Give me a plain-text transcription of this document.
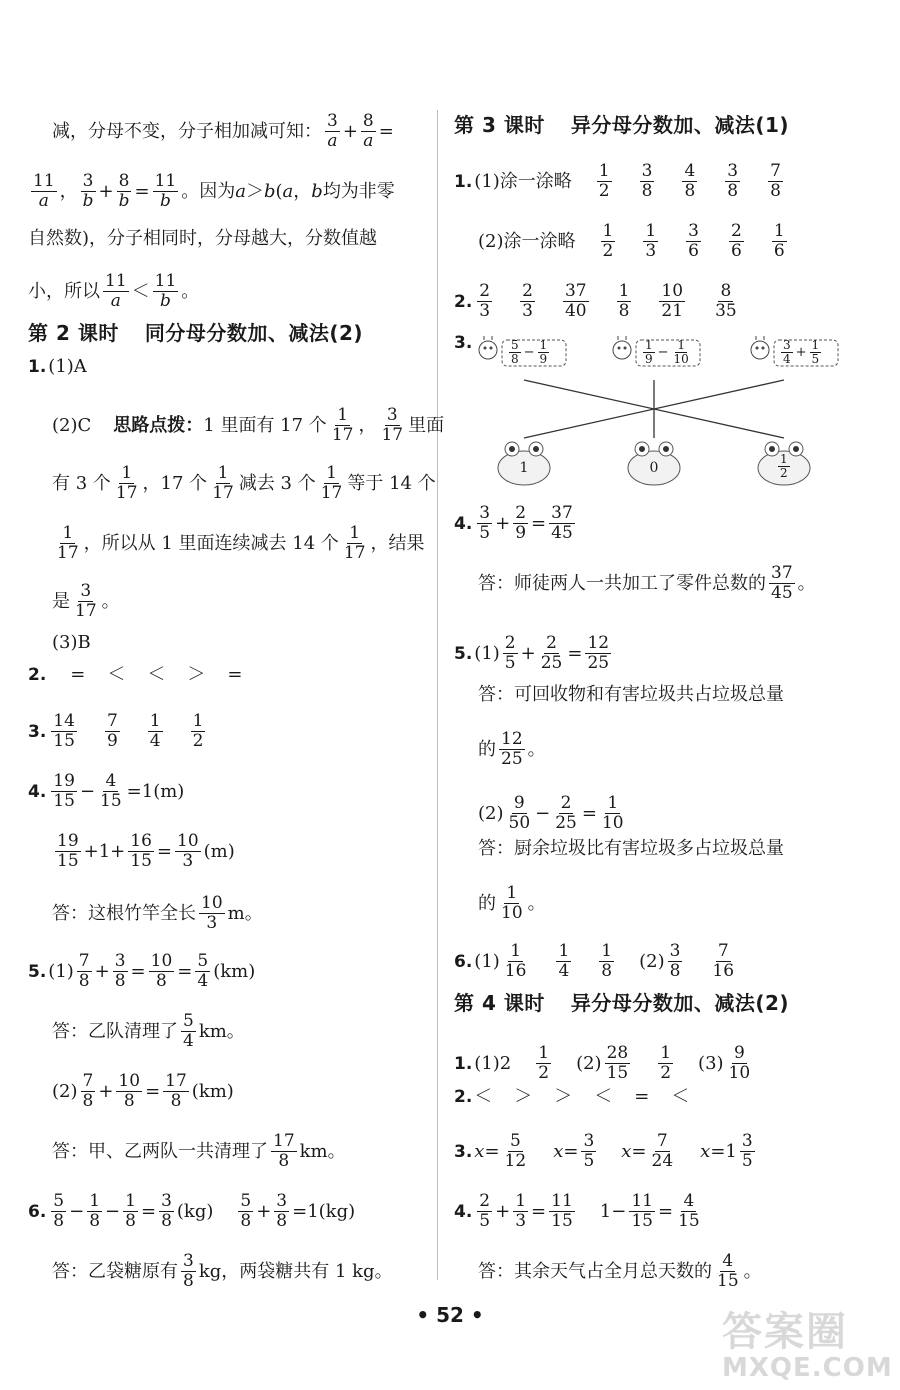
减，分母不变，分子相加减可知： $\frac{3}{a} + \frac{8}{a}$ =
$\frac{11}{a}$ ， $\frac{3}{b} + \frac{8}{b} = \frac{11}{b}$ 。因为 a ＞ b ( a ， b 均为非零
自然数)，分子相同时，分母越大，分数值越
小，所以 $\frac{11}{a} < \frac{11}{b}$ 。
第 2 课时 同分母分数加、减法(2)
1. (1)A
(2)C 思路点拨： 1 里面有 17 个 $\frac{1}{17}$ ， $\frac{3}{17}$ 里面
有 3 个 $\frac{1}{17}$ ，17 个 $\frac{1}{17}$ 减去 3 个 $\frac{1}{17}$ 等于 14 个
$\frac{1}{17}$ ，所以从 1 里面连续减去 14 个 $\frac{1}{17}$ ，结果
是 $\frac{3}{17}$ 。
(3)B
2. = ＜ ＜ ＞ =
3. $\frac{14}{15} \frac{7}{9} \frac{1}{4} \frac{1}{2}$
4. $\frac{19}{15} - \frac{4}{15} =1(m)$
$\frac{19}{15} +1+ \frac{16}{15} = \frac{10}{3} (m)$
答：这根竹竿全长 $\frac{10}{3}$ m。
5. $(1) \frac{7}{8} + \frac{3}{8} = \frac{10}{8} = \frac{5}{4} (km)$
答：乙队清理了 $\frac{5}{4}$ km。
$(2) \frac{7}{8} + \frac{10}{8} = \frac{17}{8} (km)$
答：甲、乙两队一共清理了 $\frac{17}{8}$ km。
6. $\frac{5}{8} - \frac{1}{8} - \frac{1}{8} = \frac{3}{8} (kg) \frac{5}{8} + \frac{3}{8} =1(kg)$
答：乙袋糖原有 $\frac{3}{8}$ kg，两袋糖共有 1 kg。
第 3 课时 异分母分数加、减法(1)
1. (1)涂一涂略 $\frac{1}{2} \frac{3}{8} \frac{4}{8} \frac{3}{8} \frac{7}{8}$
(2)涂一涂略 $\frac{1}{2} \frac{1}{3} \frac{3}{6} \frac{2}{6} \frac{1}{6}$
2. $\frac{2}{3} \frac{2}{3} \frac{37}{40} \frac{1}{8} \frac{10}{21} \frac{8}{35}$
3.	$\frac{5}{8} - \frac{1}{9}$	$\frac{1}{9} - \frac{1}{10}$	$\frac{3}{4} + \frac{1}{5}$
1	0	$\frac{1}{2}$
4. $\frac{3}{5} + \frac{2}{9} = \frac{37}{45}$
答：师徒两人一共加工了零件总数的 $\frac{37}{45}$ 。
5. $(1) \frac{2}{5} + \frac{2}{25} = \frac{12}{25}$
答：可回收物和有害垃圾共占垃圾总量
的 $\frac{12}{25}$ 。
$(2) \frac{9}{50} - \frac{2}{25} = \frac{1}{10}$
答：厨余垃圾比有害垃圾多占垃圾总量
的 $\frac{1}{10}$ 。
6. $(1) \frac{1}{16} \frac{1}{4} \frac{1}{8} (2) \frac{3}{8} \frac{7}{16}$
第 4 课时 异分母分数加、减法(2)
1. $(1)2 \frac{1}{2} (2) \frac{28}{15} \frac{1}{2} (3) \frac{9}{10}$
2. ＜ ＞ ＞ ＜ = ＜
3. $x = \frac{5}{12}$ $x = \frac{3}{5}$ $x = \frac{7}{24}$ $x = 1 \frac{3}{5}$
4. $\frac{2}{5} + \frac{1}{3} = \frac{11}{15} 1- \frac{11}{15} = \frac{4}{15}$
答：其余天气占全月总天数的 $\frac{4}{15}$ 。
• 52 •	答案圈
MXQE.COM
